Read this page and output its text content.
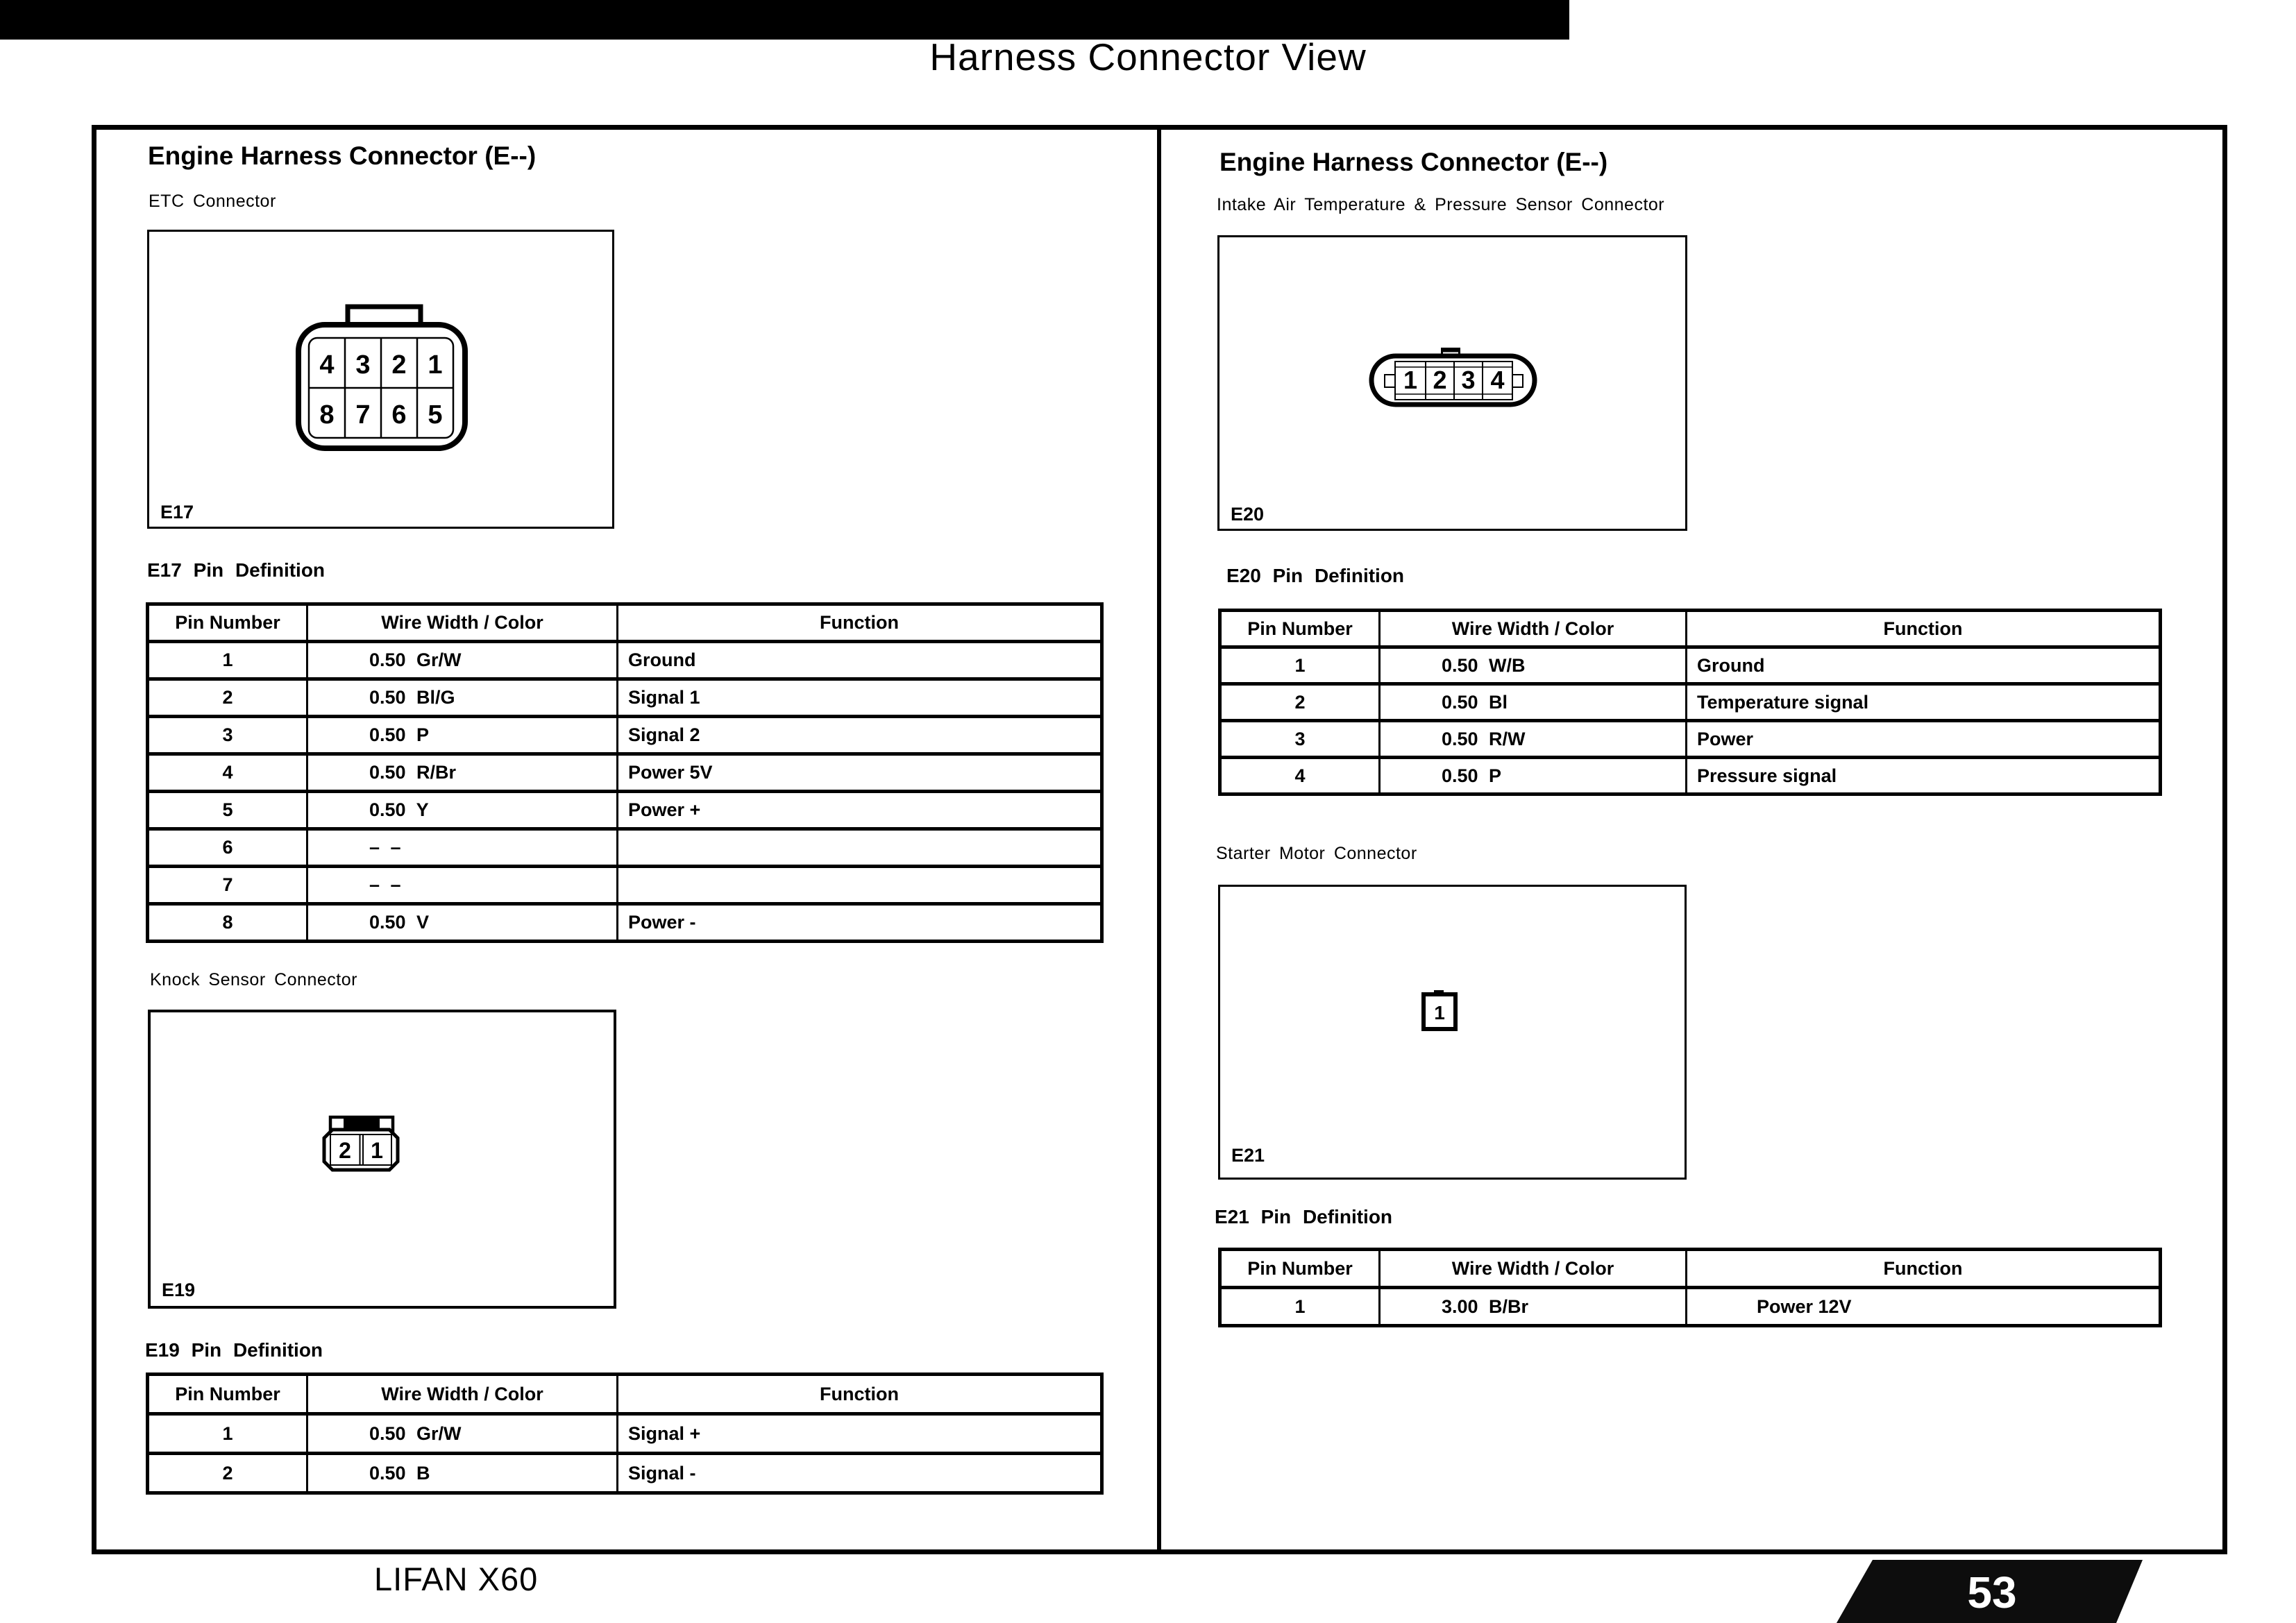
Harness Connector View
Engine Harness Connector (E--)
ETC Connector
4 3 2 1
8 7 6 5
E17
E17 Pin Definition
Pin Number	Wire Width / Color	Function
1	0.50 Gr/W	Ground
2	0.50 Bl/G	Signal 1
3	0.50 P	Signal 2
4	0.50 R/Br	Power 5V
5	0.50 Y	Power +
6	– –	
7	– –	
8	0.50 V	Power -
Knock Sensor Connector
2 1
E19
E19 Pin Definition
Pin Number	Wire Width / Color	Function
1	0.50 Gr/W	Signal +
2	0.50 B	Signal -
Engine Harness Connector (E--)
Intake Air Temperature & Pressure Sensor Connector
1 2 3 4
E20
E20 Pin Definition
Pin Number	Wire Width / Color	Function
1	0.50 W/B	Ground
2	0.50 Bl	Temperature signal
3	0.50 R/W	Power
4	0.50 P	Pressure signal
Starter Motor Connector
1
E21
E21 Pin Definition
Pin Number	Wire Width / Color	Function
1	3.00 B/Br	Power 12V
LIFAN X60	53
